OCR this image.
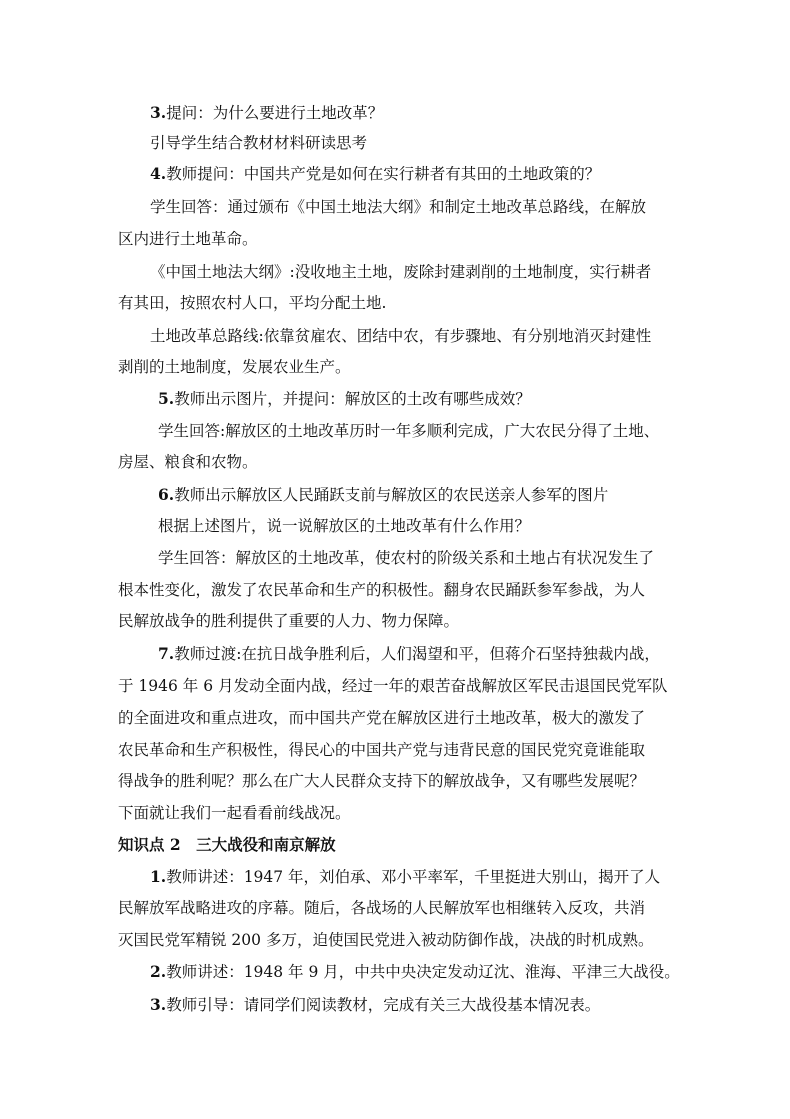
3.提问：为什么要进行土地改革？
引导学生结合教材材料研读思考
4.教师提问：中国共产党是如何在实行耕者有其田的土地政策的？
学生回答：通过颁布《中国土地法大纲》和制定土地改革总路线，在解放
区内进行土地革命。
《中国土地法大纲》:没收地主土地，废除封建剥削的土地制度，实行耕者
有其田，按照农村人口，平均分配土地.
土地改革总路线:依靠贫雇农、团结中农，有步骤地、有分别地消灭封建性
剥削的土地制度，发展农业生产。
5.教师出示图片，并提问：解放区的土改有哪些成效？
学生回答:解放区的土地改革历时一年多顺利完成，广大农民分得了土地、
房屋、粮食和农物。
6.教师出示解放区人民踊跃支前与解放区的农民送亲人参军的图片
根据上述图片，说一说解放区的土地改革有什么作用？
学生回答：解放区的土地改革，使农村的阶级关系和土地占有状况发生了
根本性变化，激发了农民革命和生产的积极性。翻身农民踊跃参军参战，为人
民解放战争的胜利提供了重要的人力、物力保障。
7.教师过渡:在抗日战争胜利后，人们渴望和平，但蒋介石坚持独裁内战，
于 1946 年 6 月发动全面内战，经过一年的艰苦奋战解放区军民击退国民党军队
的全面进攻和重点进攻，而中国共产党在解放区进行土地改革，极大的激发了
农民革命和生产积极性，得民心的中国共产党与违背民意的国民党究竟谁能取
得战争的胜利呢？那么在广大人民群众支持下的解放战争，又有哪些发展呢？
下面就让我们一起看看前线战况。
知识点 2　三大战役和南京解放
1.教师讲述：1947 年，刘伯承、邓小平率军，千里挺进大别山，揭开了人
民解放军战略进攻的序幕。随后，各战场的人民解放军也相继转入反攻，共消
灭国民党军精锐 200 多万，迫使国民党进入被动防御作战，决战的时机成熟。
2.教师讲述：1948 年 9 月，中共中央决定发动辽沈、淮海、平津三大战役。
3.教师引导：请同学们阅读教材，完成有关三大战役基本情况表。
